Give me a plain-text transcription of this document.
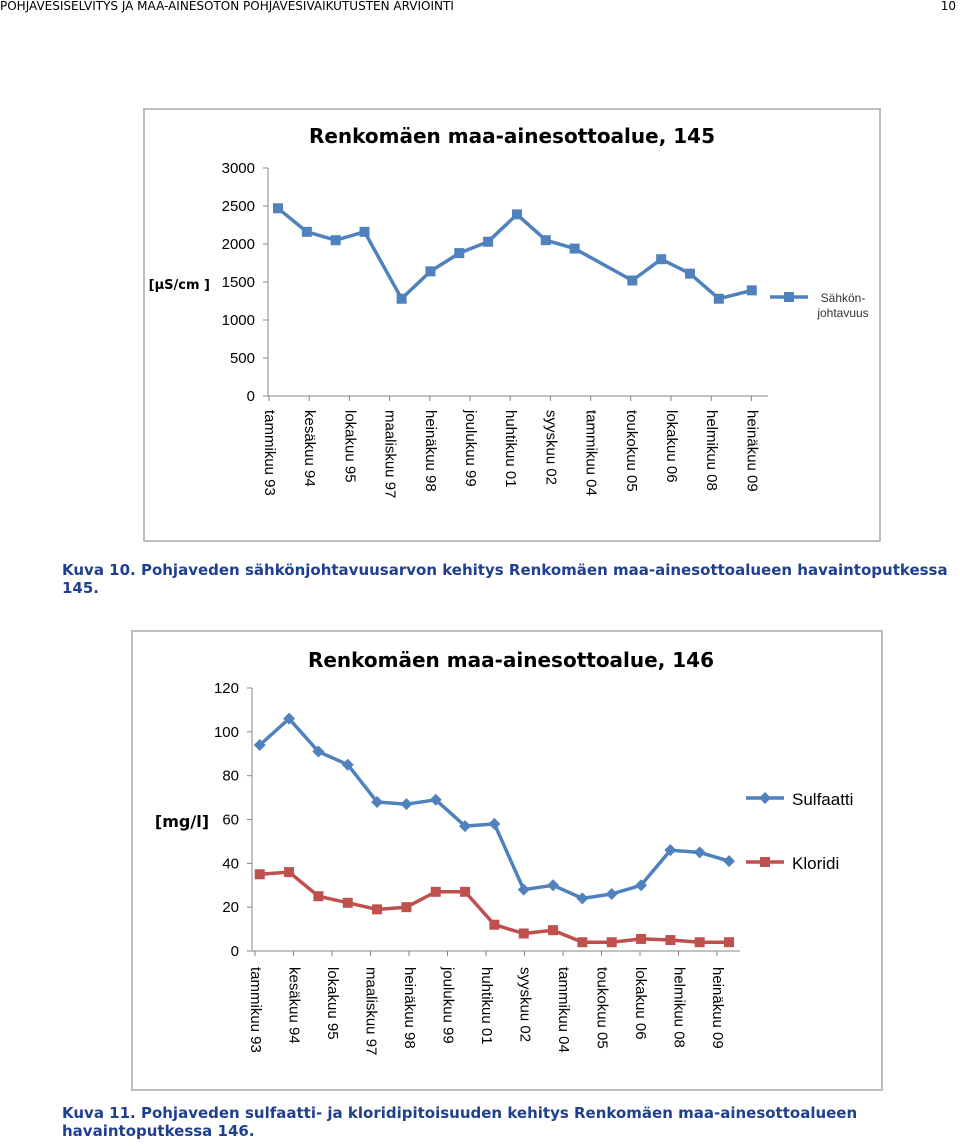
POHJAVESISELVITYS JA MAA-AINESOTON POHJAVESIVAIKUTUSTEN ARVIOINTI	10
Renkomäen maa-ainesottoalue, 145
0
500
1000
1500
2000
2500
3000
[µS/cm ]
tammikuu 93 kesäkuu 94 lokakuu 95 maaliskuu 97 heinäkuu 98 joulukuu 99 huhtikuu 01 syyskuu 02 tammikuu 04 toukokuu 05 lokakuu 06 helmikuu 08 heinäkuu 09
Sähkön-
johtavuus
Kuva 10. Pohjaveden sähkönjohtavuusarvon kehitys Renkomäen maa-ainesottoalueen havaintoputkessa
145.
Renkomäen maa-ainesottoalue, 146
0
20
40
60
80
100
120
[mg/l]
tammikuu 93 kesäkuu 94 lokakuu 95 maaliskuu 97 heinäkuu 98 joulukuu 99 huhtikuu 01 syyskuu 02 tammikuu 04 toukokuu 05 lokakuu 06 helmikuu 08 heinäkuu 09
Sulfaatti
Kloridi
Kuva 11. Pohjaveden sulfaatti- ja kloridipitoisuuden kehitys Renkomäen maa-ainesottoalueen
havaintoputkessa 146.
